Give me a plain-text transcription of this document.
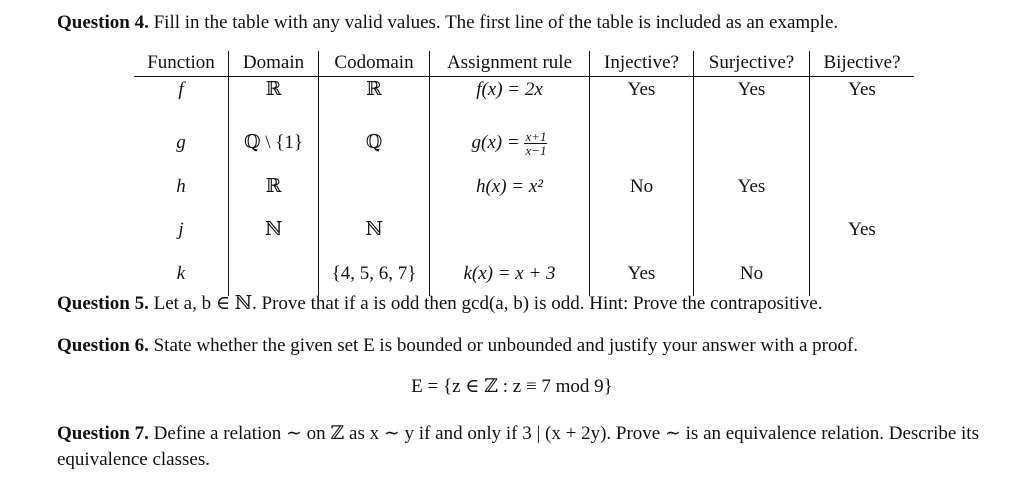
Question 4. Fill in the table with any valid values. The first line of the table is included as an example.
Function	Domain	Codomain	Assignment rule	Injective?	Surjective?	Bijective?
f	ℝ	ℝ	f(x) = 2x	Yes	Yes	Yes
g	ℚ \ {1}	ℚ	$g(x) = \frac{x+1}{x-1}$

h	ℝ		h(x) = x²	No	Yes	
j	ℕ	ℕ				Yes
k		{4, 5, 6, 7}	k(x) = x + 3	Yes	No	
Question 5. Let a, b ∈ ℕ. Prove that if a is odd then gcd(a, b) is odd. Hint: Prove the contrapositive.
Question 6. State whether the given set E is bounded or unbounded and justify your answer with a proof.
E = {z ∈ ℤ : z ≡ 7 mod 9}
Question 7. Define a relation ∼ on ℤ as x ∼ y if and only if 3 | (x + 2y). Prove ∼ is an equivalence relation. Describe its equivalence classes.
